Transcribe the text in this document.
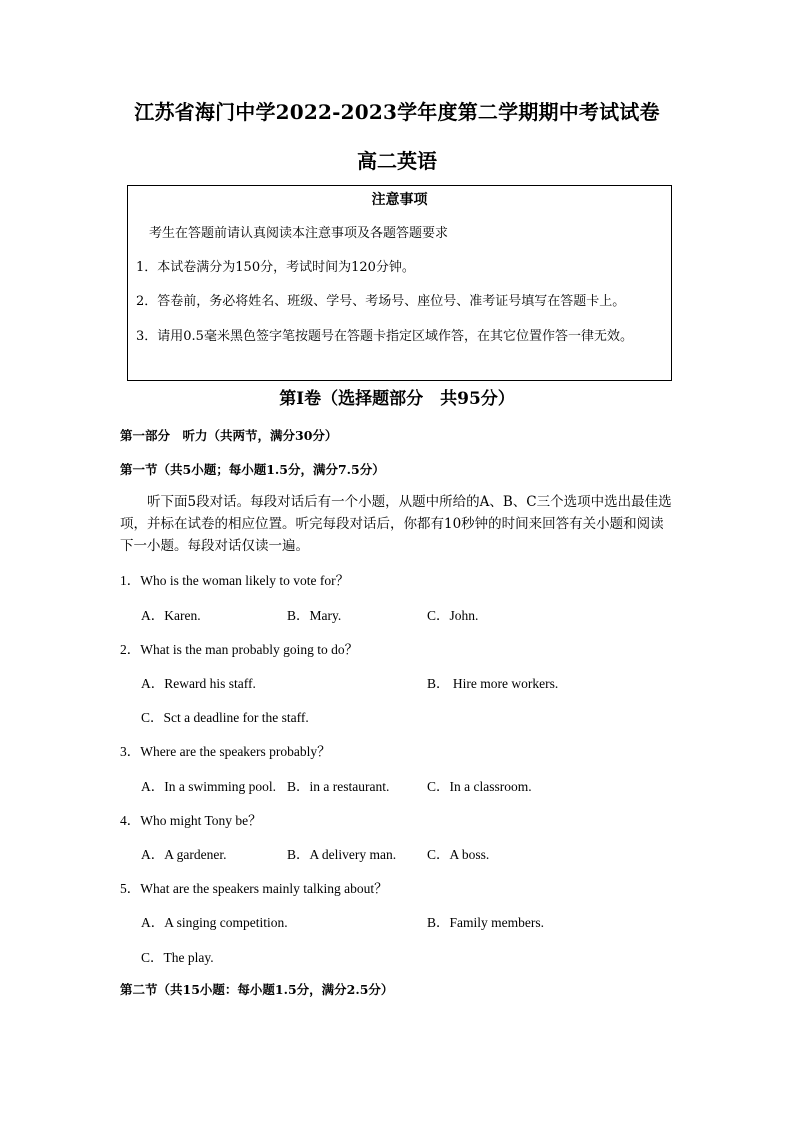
江苏省海门中学2022-2023学年度第二学期期中考试试卷
高二英语
注意事项
考生在答题前请认真阅读本注意事项及各题答题要求
1．本试卷满分为150分，考试时间为120分钟。
2．答卷前，务必将姓名、班级、学号、考场号、座位号、准考证号填写在答题卡上。
3．请用0.5毫米黑色签字笔按题号在答题卡指定区域作答，在其它位置作答一律无效。
第I卷（选择题部分　共95分）
第一部分　听力（共两节，满分30分）
第一节（共5小题；每小题1.5分，满分7.5分）
听下面5段对话。每段对话后有一个小题，从题中所给的A、B、C三个选项中选出最佳选项，并标在试卷的相应位置。听完每段对话后，你都有10秒钟的时间来回答有关小题和阅读下一小题。每段对话仅读一遍。
1．Who is the woman likely to vote for？
A．Karen.	B．Mary.	C．John.
2．What is the man probably going to do？
A．Reward his staff.	B． Hire more workers.
C．Sct a deadline for the staff.
3．Where are the speakers probably？
A．In a swimming pool. B．in a restaurant.	C．In a classroom.
4．Who might Tony be？
A．A gardener.	B．A delivery man. C．A boss.
5．What are the speakers mainly talking about？
A．A singing competition.	B．Family members.
C．The play.
第二节（共15小题：每小题1.5分，满分2.5分）
